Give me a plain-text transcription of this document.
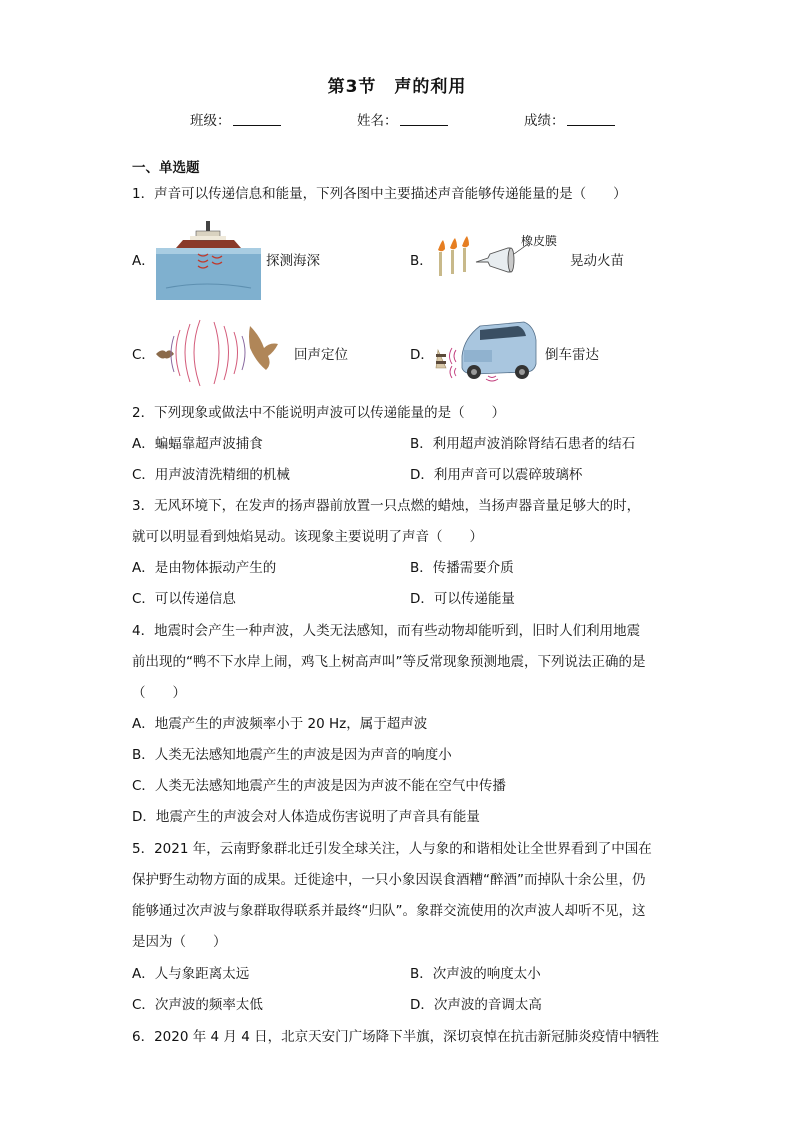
第3节 声的利用
班级：	姓名：	成绩：
一、单选题
1．声音可以传递信息和能量，下列各图中主要描述声音能够传递能量的是（　　）
A．	探测海深	B．
橡皮膜
晃动火苗
C．	回声定位	D．	倒车雷达
2．下列现象或做法中不能说明声波可以传递能量的是（　　）
A．蝙蝠靠超声波捕食	B．利用超声波消除肾结石患者的结石
C．用声波清洗精细的机械	D．利用声音可以震碎玻璃杯
3．无风环境下，在发声的扬声器前放置一只点燃的蜡烛，当扬声器音量足够大的时，
就可以明显看到烛焰晃动。该现象主要说明了声音（　　）
A．是由物体振动产生的	B．传播需要介质
C．可以传递信息	D．可以传递能量
4．地震时会产生一种声波，人类无法感知，而有些动物却能听到，旧时人们利用地震
前出现的“鸭不下水岸上闹，鸡飞上树高声叫”等反常现象预测地震，下列说法正确的是
（　　）
A．地震产生的声波频率小于 20 Hz，属于超声波
B．人类无法感知地震产生的声波是因为声音的响度小
C．人类无法感知地震产生的声波是因为声波不能在空气中传播
D．地震产生的声波会对人体造成伤害说明了声音具有能量
5．2021 年，云南野象群北迁引发全球关注，人与象的和谐相处让全世界看到了中国在
保护野生动物方面的成果。迁徙途中，一只小象因误食酒糟“醉酒”而掉队十余公里，仍
能够通过次声波与象群取得联系并最终“归队”。象群交流使用的次声波人却听不见，这
是因为（　　）
A．人与象距离太远	B．次声波的响度太小
C．次声波的频率太低	D．次声波的音调太高
6．2020 年 4 月 4 日，北京天安门广场降下半旗，深切哀悼在抗击新冠肺炎疫情中牺牲
